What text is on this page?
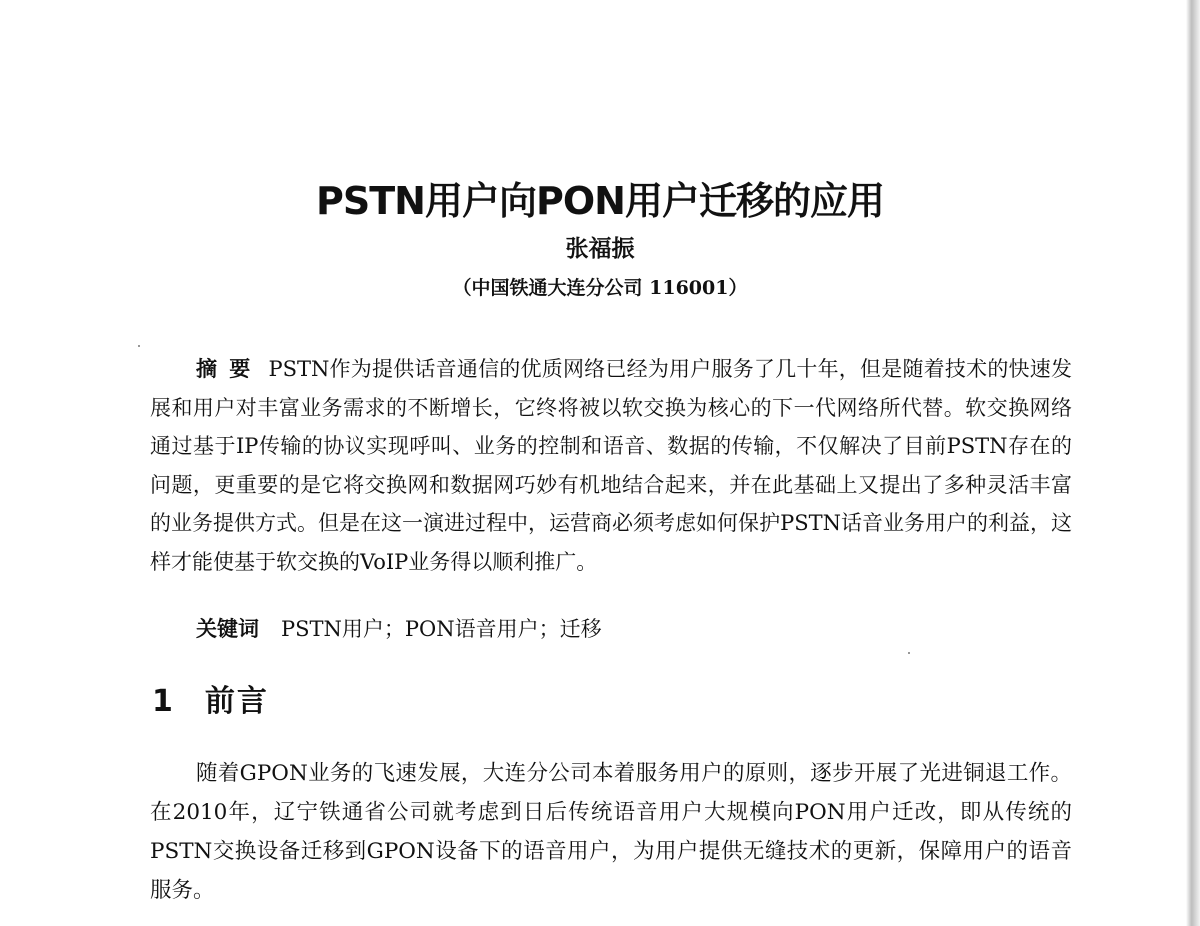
PSTN用户向PON用户迁移的应用
张福振
（中国铁通大连分公司 116001）

摘要 PSTN作为提供话音通信的优质网络已经为用户服务了几十年，但是随着技术的快速发展和用户对丰富业务需求的不断增长，它终将被以软交换为核心的下一代网络所代替。软交换网络通过基于IP传输的协议实现呼叫、业务的控制和语音、数据的传输，不仅解决了目前PSTN存在的问题，更重要的是它将交换网和数据网巧妙有机地结合起来，并在此基础上又提出了多种灵活丰富的业务提供方式。但是在这一演进过程中，运营商必须考虑如何保护PSTN话音业务用户的利益，这样才能使基于软交换的VoIP业务得以顺利推广。

关键词 PSTN用户；PON语音用户；迁移

1 前言

随着GPON业务的飞速发展，大连分公司本着服务用户的原则，逐步开展了光进铜退工作。在2010年，辽宁铁通省公司就考虑到日后传统语音用户大规模向PON用户迁改，即从传统的PSTN交换设备迁移到GPON设备下的语音用户，为用户提供无缝技术的更新，保障用户的语音服务。
